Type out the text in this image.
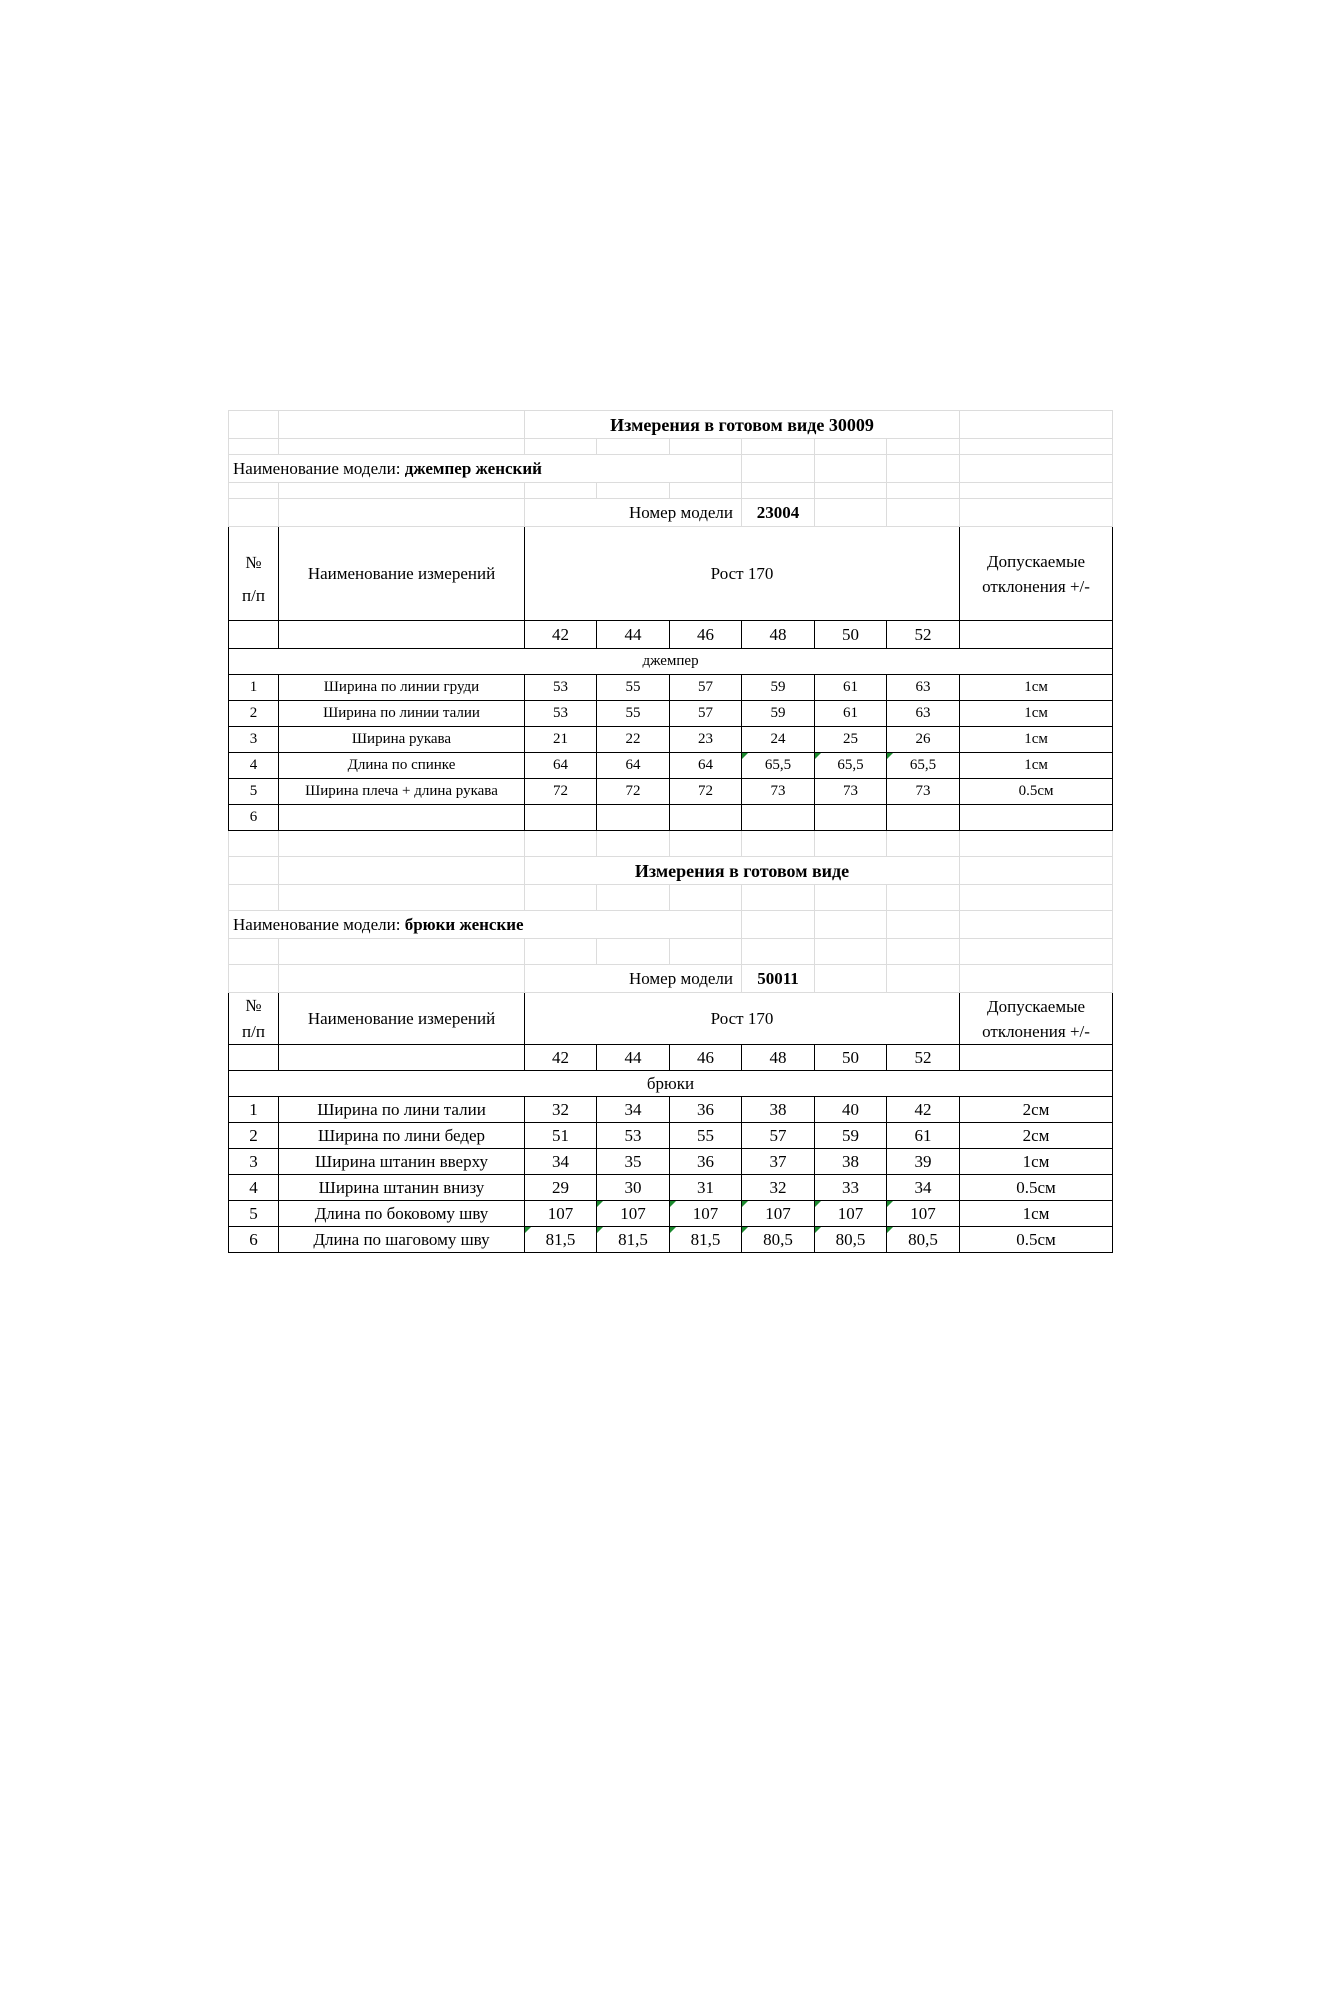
		Измерения в готовом виде 30009						

Наименование модели: джемпер женский								

		Номер модели			23004			
№	Наименование измерений	Рост 170						Допускаемые
отклонения +/-
п/п								
		42	44	46	48	50	52	
джемпер								
1	Ширина по линии груди	53	55	57	59	61	63	1см
2	Ширина по линии талии	53	55	57	59	61	63	1см
3	Ширина рукава	21	22	23	24	25	26	1см
4	Длина по спинке	64	64	64	65,5	65,5	65,5	1см
5	Ширина плеча + длина рукава	72	72	72	73	73	73	0.5см
6								

		Измерения в готовом виде						

Наименование модели: брюки женские								

		Номер модели			50011			
№	Наименование измерений	Рост 170						Допускаемые
отклонения +/-
п/п								
		42	44	46	48	50	52	
брюки								
1	Ширина по лини талии	32	34	36	38	40	42	2см
2	Ширина по лини бедер	51	53	55	57	59	61	2см
3	Ширина штанин вверху	34	35	36	37	38	39	1см
4	Ширина штанин внизу	29	30	31	32	33	34	0.5см
5	Длина по боковому шву	107	107	107	107	107	107	1см
6	Длина по шаговому шву	81,5	81,5	81,5	80,5	80,5	80,5	0.5см
